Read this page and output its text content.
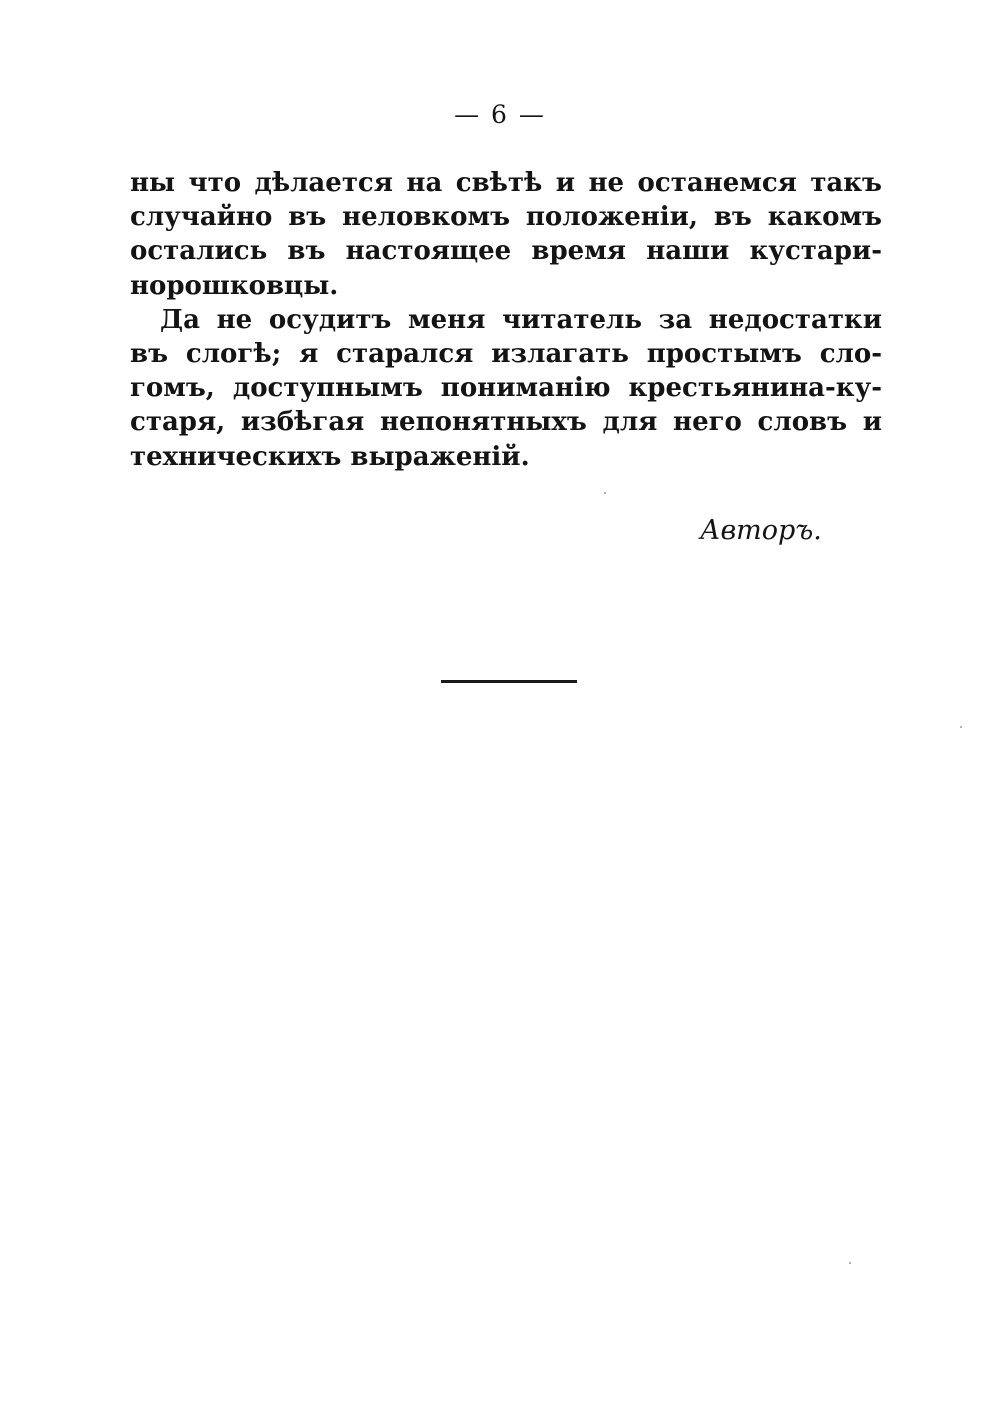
— 6 —
ны что дѣлается на свѣтѣ и не останемся такъ
случайно въ неловкомъ положеніи, въ какомъ
остались въ настоящее время наши кустари-
норошковцы.
Да не осудитъ меня читатель за недостатки
въ слогѣ; я старался излагать простымъ сло-
гомъ, доступнымъ пониманію крестьянина-ку-
старя, избѣгая непонятныхъ для него словъ и
техническихъ выраженій.
Авторъ.
